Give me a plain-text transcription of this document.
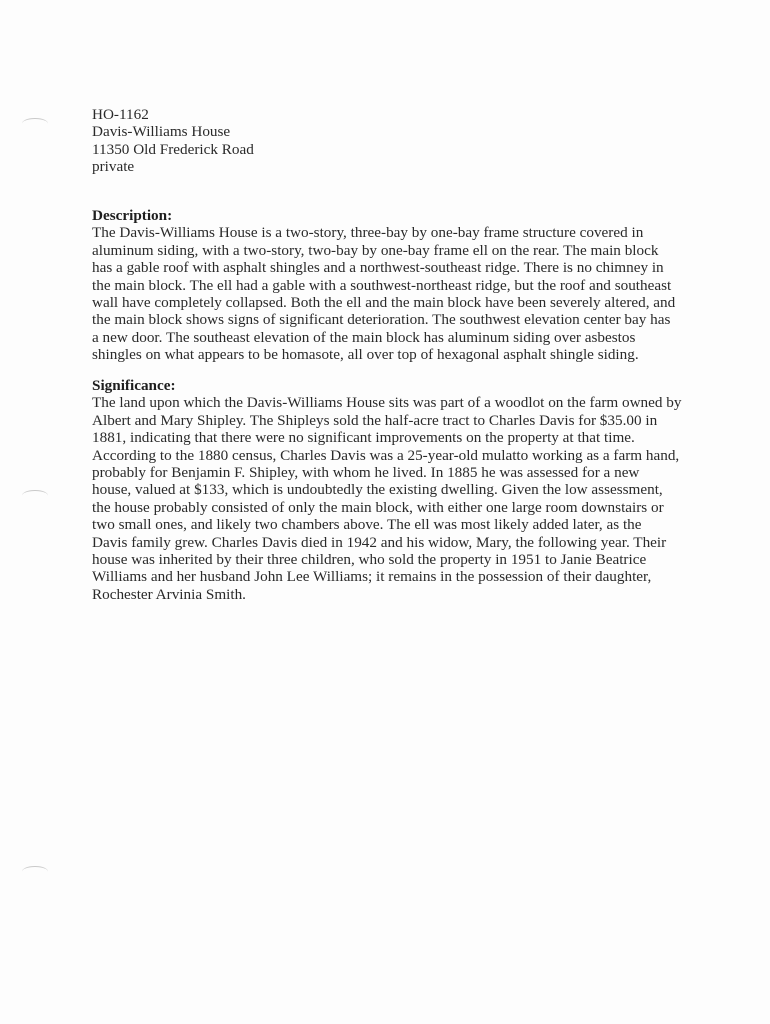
HO-1162
Davis-Williams House
11350 Old Frederick Road
private
Description:
The Davis-Williams House is a two-story, three-bay by one-bay frame structure covered in
aluminum siding, with a two-story, two-bay by one-bay frame ell on the rear. The main block
has a gable roof with asphalt shingles and a northwest-southeast ridge. There is no chimney in
the main block. The ell had a gable with a southwest-northeast ridge, but the roof and southeast
wall have completely collapsed. Both the ell and the main block have been severely altered, and
the main block shows signs of significant deterioration. The southwest elevation center bay has
a new door. The southeast elevation of the main block has aluminum siding over asbestos
shingles on what appears to be homasote, all over top of hexagonal asphalt shingle siding.
Significance:
The land upon which the Davis-Williams House sits was part of a woodlot on the farm owned by
Albert and Mary Shipley. The Shipleys sold the half-acre tract to Charles Davis for $35.00 in
1881, indicating that there were no significant improvements on the property at that time.
According to the 1880 census, Charles Davis was a 25-year-old mulatto working as a farm hand,
probably for Benjamin F. Shipley, with whom he lived. In 1885 he was assessed for a new
house, valued at $133, which is undoubtedly the existing dwelling. Given the low assessment,
the house probably consisted of only the main block, with either one large room downstairs or
two small ones, and likely two chambers above. The ell was most likely added later, as the
Davis family grew. Charles Davis died in 1942 and his widow, Mary, the following year. Their
house was inherited by their three children, who sold the property in 1951 to Janie Beatrice
Williams and her husband John Lee Williams; it remains in the possession of their daughter,
Rochester Arvinia Smith.
